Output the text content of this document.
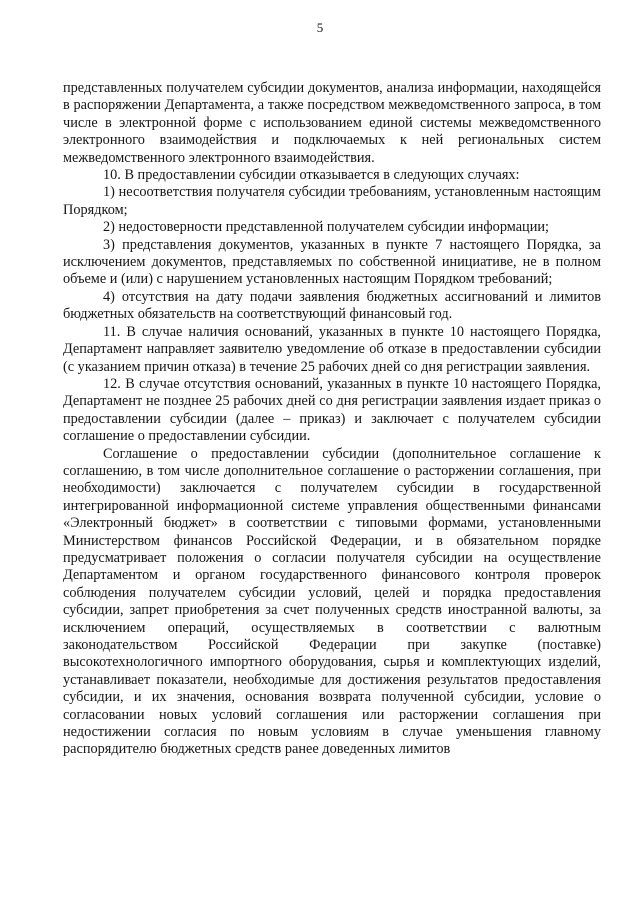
5

представленных получателем субсидии документов, анализа информации, находящейся в распоряжении Департамента, а также посредством межведомственного запроса, в том числе в электронной форме с использованием единой системы межведомственного электронного взаимодействия и подключаемых к ней региональных систем межведомственного электронного взаимодействия.

10. В предоставлении субсидии отказывается в следующих случаях:

1) несоответствия получателя субсидии требованиям, установленным настоящим Порядком;

2) недостоверности представленной получателем субсидии информации;

3) представления документов, указанных в пункте 7 настоящего Порядка, за исключением документов, представляемых по собственной инициативе, не в полном объеме и (или) с нарушением установленных настоящим Порядком требований;

4) отсутствия на дату подачи заявления бюджетных ассигнований и лимитов бюджетных обязательств на соответствующий финансовый год.

11. В случае наличия оснований, указанных в пункте 10 настоящего Порядка, Департамент направляет заявителю уведомление об отказе в предоставлении субсидии (с указанием причин отказа) в течение 25 рабочих дней со дня регистрации заявления.

12. В случае отсутствия оснований, указанных в пункте 10 настоящего Порядка, Департамент не позднее 25 рабочих дней со дня регистрации заявления издает приказ о предоставлении субсидии (далее – приказ) и заключает с получателем субсидии соглашение о предоставлении субсидии.

Соглашение о предоставлении субсидии (дополнительное соглашение к соглашению, в том числе дополнительное соглашение о расторжении соглашения, при необходимости) заключается с получателем субсидии в государственной интегрированной информационной системе управления общественными финансами «Электронный бюджет» в соответствии с типовыми формами, установленными Министерством финансов Российской Федерации, и в обязательном порядке предусматривает положения о согласии получателя субсидии на осуществление Департаментом и органом государственного финансового контроля проверок соблюдения получателем субсидии условий, целей и порядка предоставления субсидии, запрет приобретения за счет полученных средств иностранной валюты, за исключением операций, осуществляемых в соответствии с валютным законодательством Российской Федерации при закупке (поставке) высокотехнологичного импортного оборудования, сырья и комплектующих изделий, устанавливает показатели, необходимые для достижения результатов предоставления субсидии, и их значения, основания возврата полученной субсидии, условие о согласовании новых условий соглашения или расторжении соглашения при недостижении согласия по новым условиям в случае уменьшения главному распорядителю бюджетных средств ранее доведенных лимитов
